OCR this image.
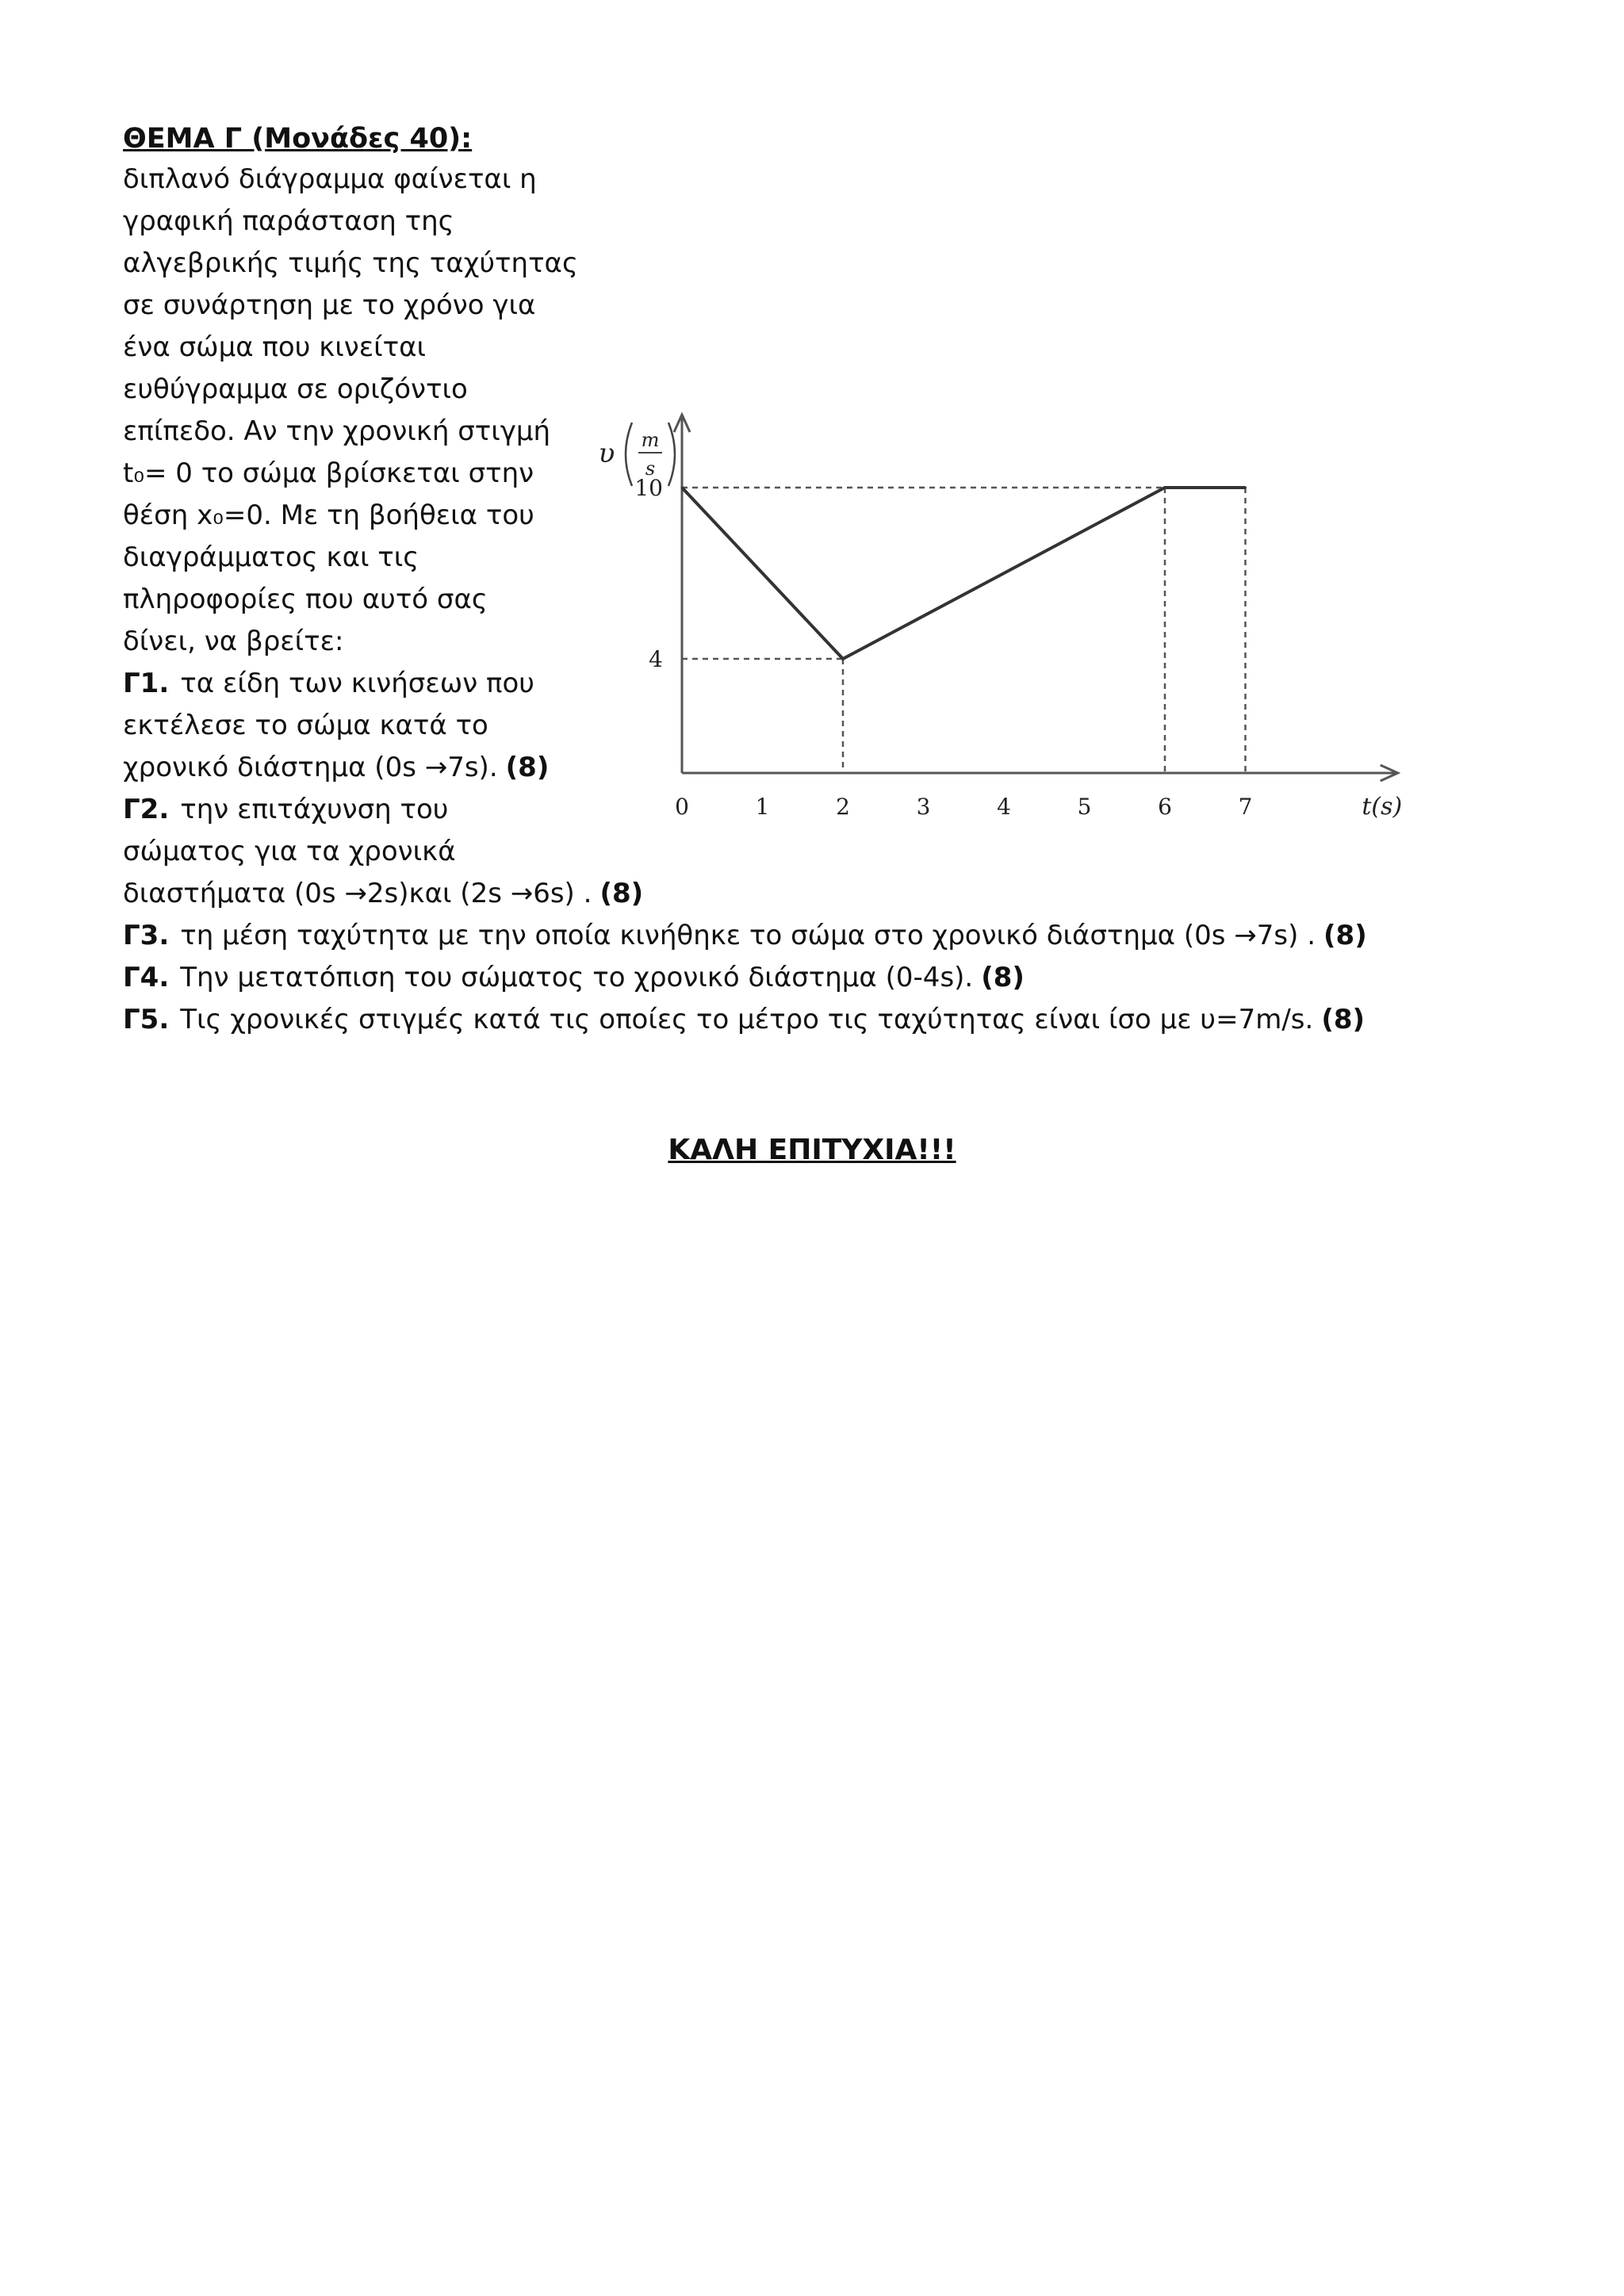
ΘΕΜΑ Γ (Μονάδες 40):

διπλανό διάγραμμα φαίνεται η
γραφική παράσταση της
αλγεβρικής τιμής της ταχύτητας
σε συνάρτηση με το χρόνο για
ένα σώμα που κινείται
ευθύγραμμα σε οριζόντιο
επίπεδο. Αν την χρονική στιγμή
t₀= 0 το σώμα βρίσκεται στην
θέση x₀=0. Με τη βοήθεια του
διαγράμματος και τις
πληροφορίες που αυτό σας
δίνει, να βρείτε:

Γ1. τα είδη των κινήσεων που
εκτέλεσε το σώμα κατά το
χρονικό διάστημα (0s →7s). (8)

Γ2. την επιτάχυνση του
σώματος για τα χρονικά
διαστήματα (0s →2s)και (2s →6s) . (8)

Γ3. τη μέση ταχύτητα με την οποία κινήθηκε το σώμα στο χρονικό διάστημα (0s →7s) . (8)

Γ4. Την μετατόπιση του σώματος το χρονικό διάστημα (0-4s). (8)

Γ5. Τις χρονικές στιγμές κατά τις οποίες το μέτρο τις ταχύτητας είναι ίσο με υ=7m/s. (8)

ΚΑΛΗ ΕΠΙΤΥΧΙΑ!!!

0	1	2	3	4	5	6	7
10
4
t(s)
υ m
s
